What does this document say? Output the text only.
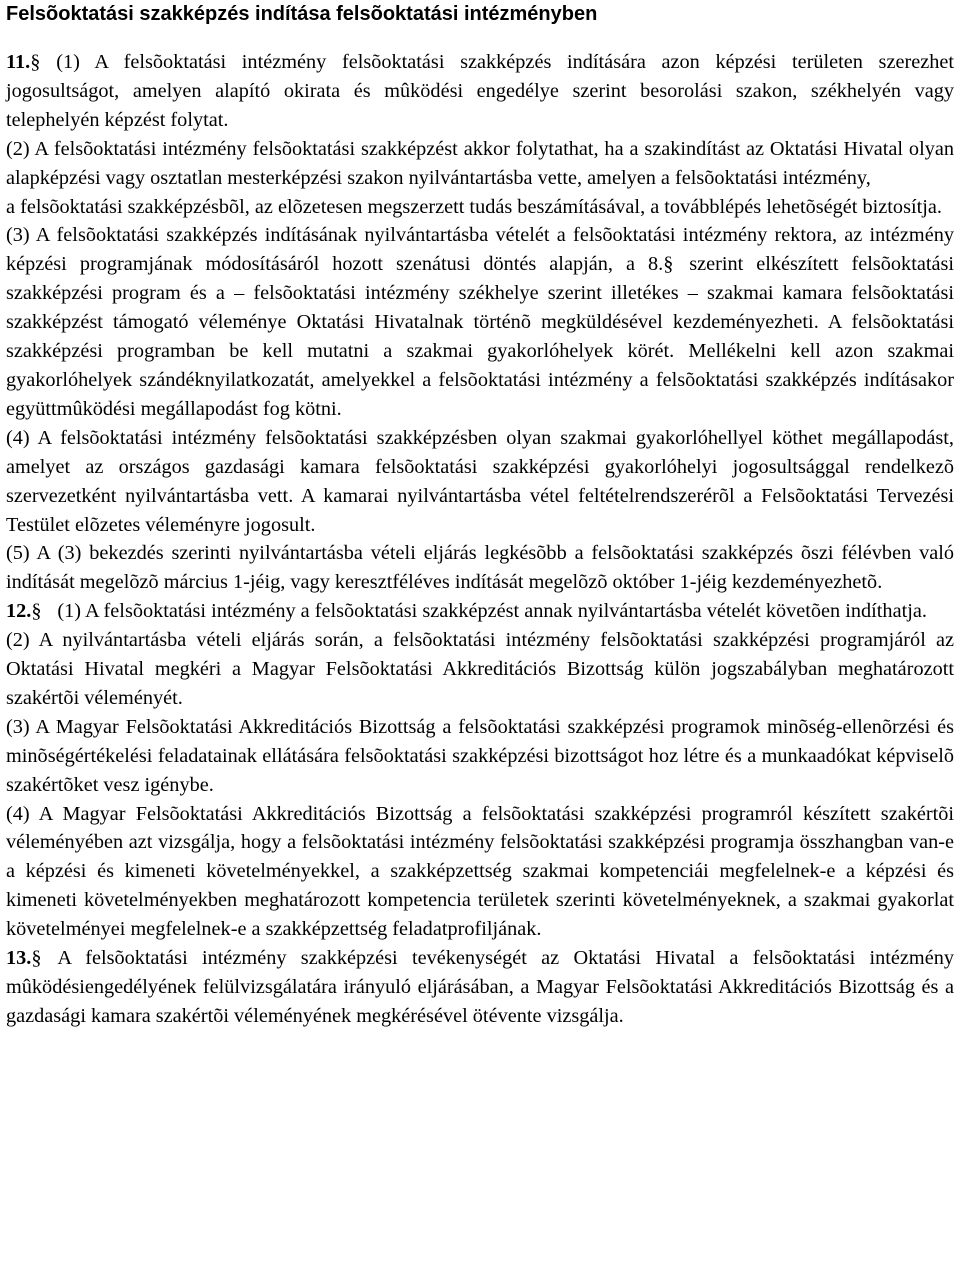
Felsõoktatási szakképzés indítása felsõoktatási intézményben

11.§ (1) A felsõoktatási intézmény felsõoktatási szakképzés indítására azon képzési területen szerezhet jogosultságot, amelyen alapító okirata és mûködési engedélye szerint besorolási szakon, székhelyén vagy telephelyén képzést folytat.

(2) A felsõoktatási intézmény felsõoktatási szakképzést akkor folytathat, ha a szakindítást az Oktatási Hivatal olyan alapképzési vagy osztatlan mesterképzési szakon nyilvántartásba vette, amelyen a felsõoktatási intézmény,

a felsõoktatási szakképzésbõl, az elõzetesen megszerzett tudás beszámításával, a továbblépés lehetõségét biztosítja.

(3) A felsõoktatási szakképzés indításának nyilvántartásba vételét a felsõoktatási intézmény rektora, az intézmény képzési programjának módosításáról hozott szenátusi döntés alapján, a 8.§ szerint elkészített felsõoktatási szakképzési program és a – felsõoktatási intézmény székhelye szerint illetékes – szakmai kamara felsõoktatási szakképzést támogató véleménye Oktatási Hivatalnak történõ megküldésével kezdeményezheti. A felsõoktatási szakképzési programban be kell mutatni a szakmai gyakorlóhelyek körét. Mellékelni kell azon szakmai gyakorlóhelyek szándéknyilatkozatát, amelyekkel a felsõoktatási intézmény a felsõoktatási szakképzés indításakor együttmûködési megállapodást fog kötni.

(4) A felsõoktatási intézmény felsõoktatási szakképzésben olyan szakmai gyakorlóhellyel köthet megállapodást, amelyet az országos gazdasági kamara felsõoktatási szakképzési gyakorlóhelyi jogosultsággal rendelkezõ szervezetként nyilvántartásba vett. A kamarai nyilvántartásba vétel feltételrendszerérõl a Felsõoktatási Tervezési Testület elõzetes véleményre jogosult.

(5) A (3) bekezdés szerinti nyilvántartásba vételi eljárás legkésõbb a felsõoktatási szakképzés õszi félévben való indítását megelõzõ március 1-jéig, vagy keresztféléves indítását megelõzõ október 1-jéig kezdeményezhetõ.

12.§ (1) A felsõoktatási intézmény a felsõoktatási szakképzést annak nyilvántartásba vételét követõen indíthatja.

(2) A nyilvántartásba vételi eljárás során, a felsõoktatási intézmény felsõoktatási szakképzési programjáról az Oktatási Hivatal megkéri a Magyar Felsõoktatási Akkreditációs Bizottság külön jogszabályban meghatározott szakértõi véleményét.

(3) A Magyar Felsõoktatási Akkreditációs Bizottság a felsõoktatási szakképzési programok minõség-ellenõrzési és minõségértékelési feladatainak ellátására felsõoktatási szakképzési bizottságot hoz létre és a munkaadókat képviselõ szakértõket vesz igénybe.

(4) A Magyar Felsõoktatási Akkreditációs Bizottság a felsõoktatási szakképzési programról készített szakértõi véleményében azt vizsgálja, hogy a felsõoktatási intézmény felsõoktatási szakképzési programja összhangban van-e a képzési és kimeneti követelményekkel, a szakképzettség szakmai kompetenciái megfelelnek-e a képzési és kimeneti követelményekben meghatározott kompetencia területek szerinti követelményeknek, a szakmai gyakorlat követelményei megfelelnek-e a szakképzettség feladatprofiljának.

13.§ A felsõoktatási intézmény szakképzési tevékenységét az Oktatási Hivatal a felsõoktatási intézmény mûködésiengedélyének felülvizsgálatára irányuló eljárásában, a Magyar Felsõoktatási Akkreditációs Bizottság és a gazdasági kamara szakértõi véleményének megkérésével ötévente vizsgálja.
